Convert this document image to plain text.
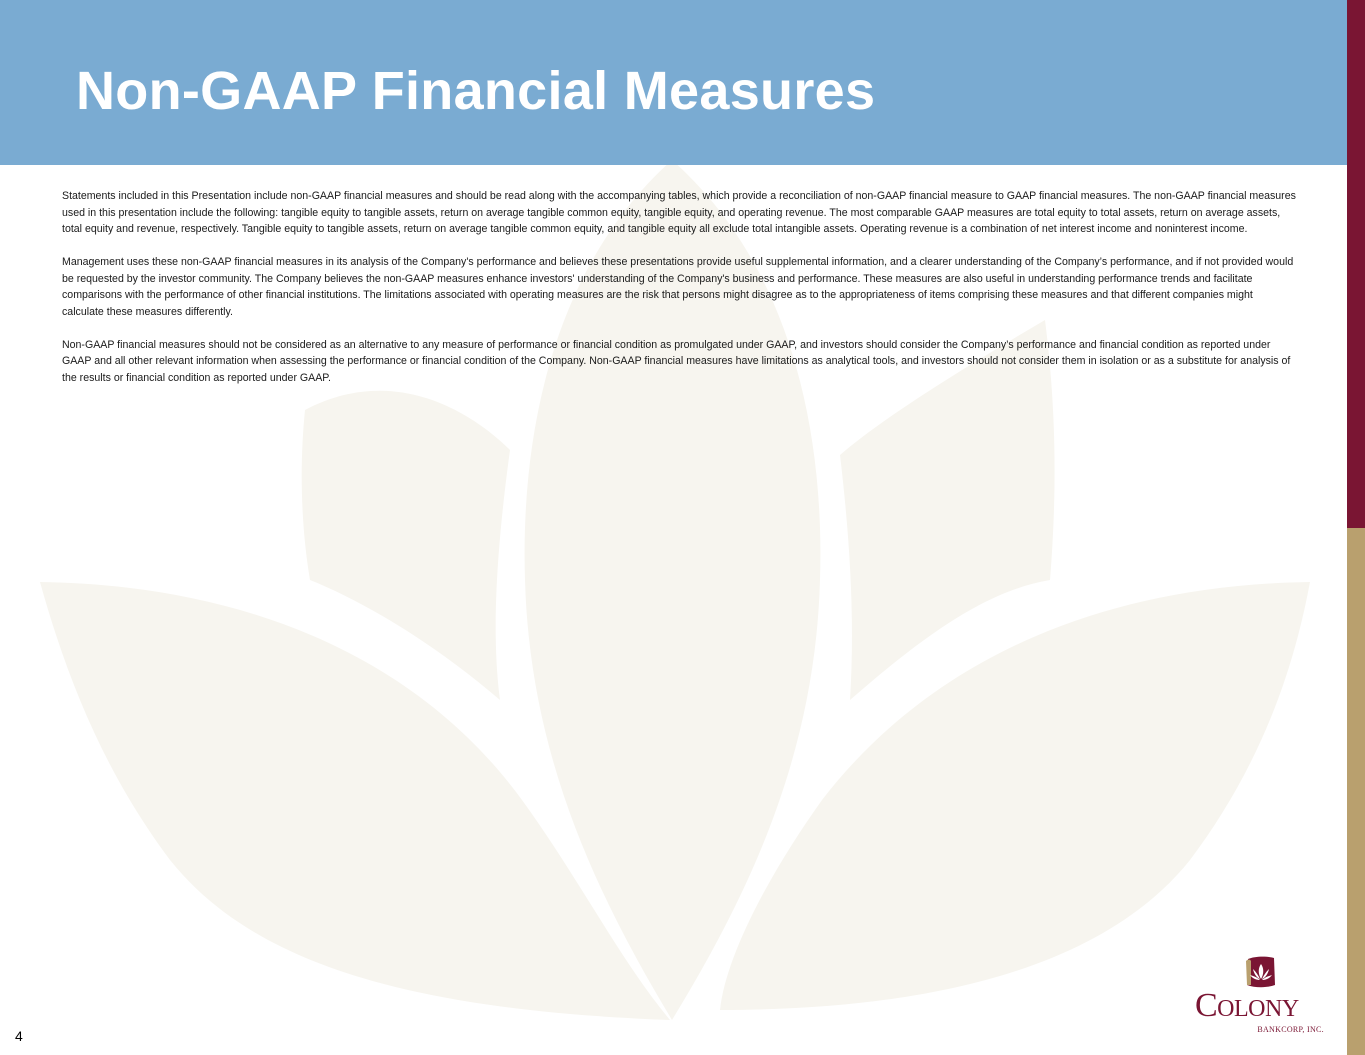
Non-GAAP Financial Measures

Statements included in this Presentation include non-GAAP financial measures and should be read along with the accompanying tables, which provide a reconciliation of non-GAAP financial measure to GAAP financial measures. The non-GAAP financial measures used in this presentation include the following: tangible equity to tangible assets, return on average tangible common equity, tangible equity, and operating revenue. The most comparable GAAP measures are total equity to total assets, return on average assets, total equity and revenue, respectively. Tangible equity to tangible assets, return on average tangible common equity, and tangible equity all exclude total intangible assets. Operating revenue is a combination of net interest income and noninterest income.

Management uses these non-GAAP financial measures in its analysis of the Company's performance and believes these presentations provide useful supplemental information, and a clearer understanding of the Company’s performance, and if not provided would be requested by the investor community. The Company believes the non-GAAP measures enhance investors' understanding of the Company's business and performance. These measures are also useful in understanding performance trends and facilitate comparisons with the performance of other financial institutions. The limitations associated with operating measures are the risk that persons might disagree as to the appropriateness of items comprising these measures and that different companies might calculate these measures differently.

Non-GAAP financial measures should not be considered as an alternative to any measure of performance or financial condition as promulgated under GAAP, and investors should consider the Company’s performance and financial condition as reported under GAAP and all other relevant information when assessing the performance or financial condition of the Company. Non-GAAP financial measures have limitations as analytical tools, and investors should not consider them in isolation or as a substitute for analysis of the results or financial condition as reported under GAAP.

4
Colony
BANKCORP, INC.
